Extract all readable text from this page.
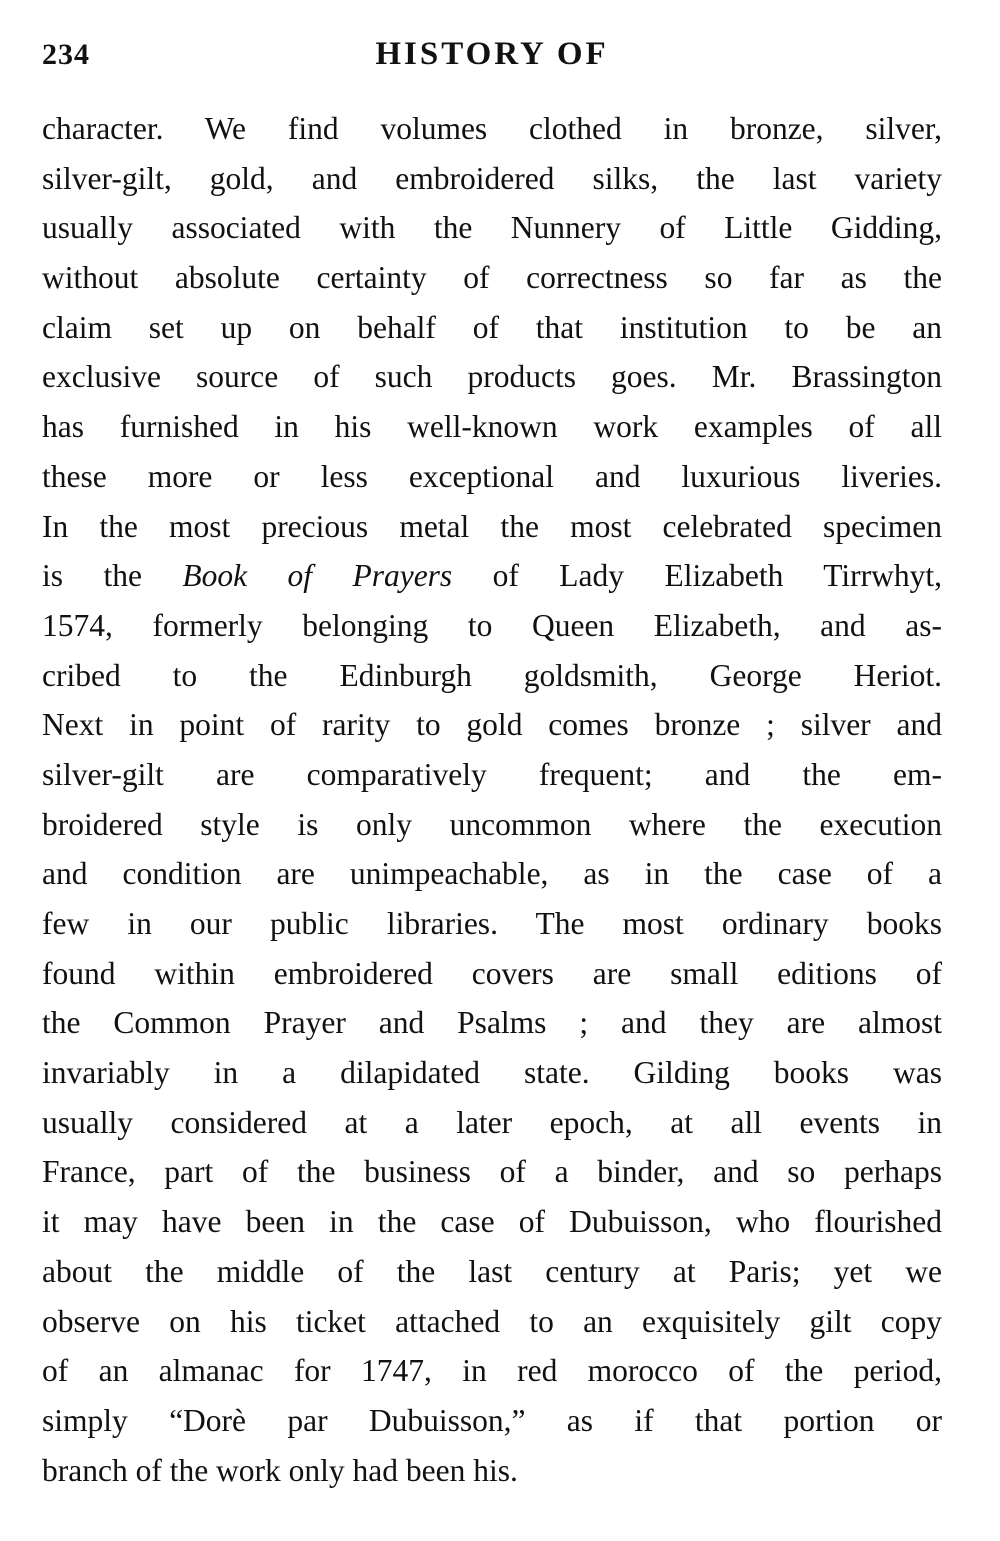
234	HISTORY OF
character. We find volumes clothed in bronze, silver,
silver-gilt, gold, and embroidered silks, the last variety
usually associated with the Nunnery of Little Gidding,
without absolute certainty of correctness so far as the
claim set up on behalf of that institution to be an
exclusive source of such products goes. Mr. Brassington
has furnished in his well-known work examples of all
these more or less exceptional and luxurious liveries.
In the most precious metal the most celebrated specimen
is the Book of Prayers of Lady Elizabeth Tirrwhyt,
1574, formerly belonging to Queen Elizabeth, and as-
cribed to the Edinburgh goldsmith, George Heriot.
Next in point of rarity to gold comes bronze ; silver and
silver-gilt are comparatively frequent; and the em-
broidered style is only uncommon where the execution
and condition are unimpeachable, as in the case of a
few in our public libraries. The most ordinary books
found within embroidered covers are small editions of
the Common Prayer and Psalms ; and they are almost
invariably in a dilapidated state. Gilding books was
usually considered at a later epoch, at all events in
France, part of the business of a binder, and so perhaps
it may have been in the case of Dubuisson, who flourished
about the middle of the last century at Paris; yet we
observe on his ticket attached to an exquisitely gilt copy
of an almanac for 1747, in red morocco of the period,
simply “Dorè par Dubuisson,” as if that portion or
branch of the work only had been his.
